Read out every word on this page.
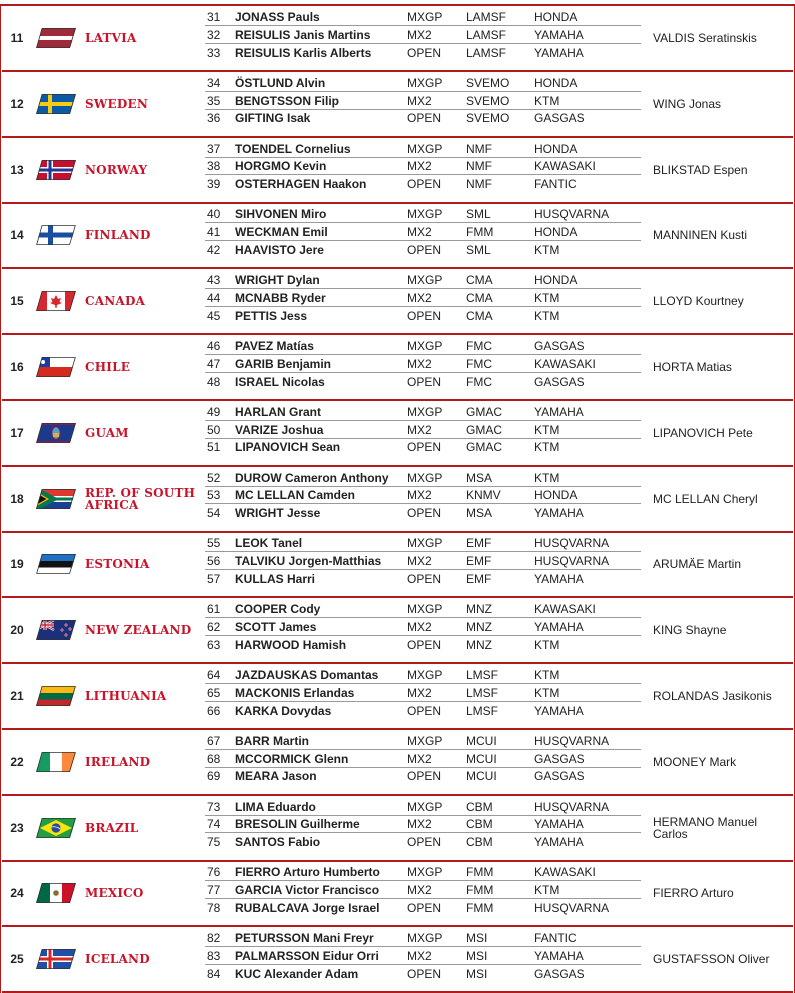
11	LATVIA
31 JONASS Pauls	MXGP LAMSF HONDA
32 REISULIS Janis Martins	MX2	LAMSF YAMAHA
33 REISULIS Karlis Alberts	OPEN LAMSF YAMAHA
VALDIS Seratinskis
12	SWEDEN
34 ÖSTLUND Alvin	MXGP SVEMO HONDA
35 BENGTSSON Filip	MX2	SVEMO KTM
36 GIFTING Isak	OPEN SVEMO GASGAS
WING Jonas
13	NORWAY
37 TOENDEL Cornelius	MXGP NMF	HONDA
38 HORGMO Kevin	MX2	NMF	KAWASAKI
39 OSTERHAGEN Haakon	OPEN NMF	FANTIC
BLIKSTAD Espen
14	FINLAND
40 SIHVONEN Miro	MXGP SML	HUSQVARNA
41 WECKMAN Emil	MX2	FMM	HONDA
42 HAAVISTO Jere	OPEN SML	KTM
MANNINEN Kusti
15	CANADA
43 WRIGHT Dylan	MXGP CMA	HONDA
44 MCNABB Ryder	MX2	CMA	KTM
45 PETTIS Jess	OPEN CMA	KTM
LLOYD Kourtney
16	CHILE
46 PAVEZ Matías	MXGP FMC	GASGAS
47 GARIB Benjamin	MX2	FMC	KAWASAKI
48 ISRAEL Nicolas	OPEN FMC	GASGAS
HORTA Matias
17	GUAM
49 HARLAN Grant	MXGP GMAC	YAMAHA
50 VARIZE Joshua	MX2	GMAC	KTM
51 LIPANOVICH Sean	OPEN GMAC	KTM
LIPANOVICH Pete
18	REP. OF SOUTH AFRICA
52 DUROW Cameron Anthony MXGP MSA	KTM
53 MC LELLAN Camden	MX2	KNMV	HONDA
54 WRIGHT Jesse	OPEN MSA	YAMAHA
MC LELLAN Cheryl
19	ESTONIA
55 LEOK Tanel	MXGP EMF	HUSQVARNA
56 TALVIKU Jorgen-Matthias MX2	EMF	HUSQVARNA
57 KULLAS Harri	OPEN EMF	YAMAHA
ARUMÄE Martin
20	NEW ZEALAND
61 COOPER Cody	MXGP MNZ	KAWASAKI
62 SCOTT James	MX2	MNZ	YAMAHA
63 HARWOOD Hamish	OPEN MNZ	KTM
KING Shayne
21	LITHUANIA
64 JAZDAUSKAS Domantas MXGP LMSF	KTM
65 MACKONIS Erlandas	MX2	LMSF	KTM
66 KARKA Dovydas	OPEN LMSF	YAMAHA
ROLANDAS Jasikonis
22	IRELAND
67 BARR Martin	MXGP MCUI	HUSQVARNA
68 MCCORMICK Glenn	MX2	MCUI	GASGAS
69 MEARA Jason	OPEN MCUI	GASGAS
MOONEY Mark
23	BRAZIL
73 LIMA Eduardo	MXGP CBM	HUSQVARNA
74 BRESOLIN Guilherme	MX2	CBM	YAMAHA
75 SANTOS Fabio	OPEN CBM	YAMAHA
HERMANO Manuel Carlos
24	MEXICO
76 FIERRO Arturo Humberto MXGP FMM	KAWASAKI
77 GARCIA Victor Francisco MX2	FMM	KTM
78 RUBALCAVA Jorge Israel OPEN FMM	HUSQVARNA
FIERRO Arturo
25	ICELAND
82 PETURSSON Mani Freyr	MXGP MSI	FANTIC
83 PALMARSSON Eidur Orri MX2	MSI	YAMAHA
84 KUC Alexander Adam	OPEN MSI	GASGAS
GUSTAFSSON Oliver
